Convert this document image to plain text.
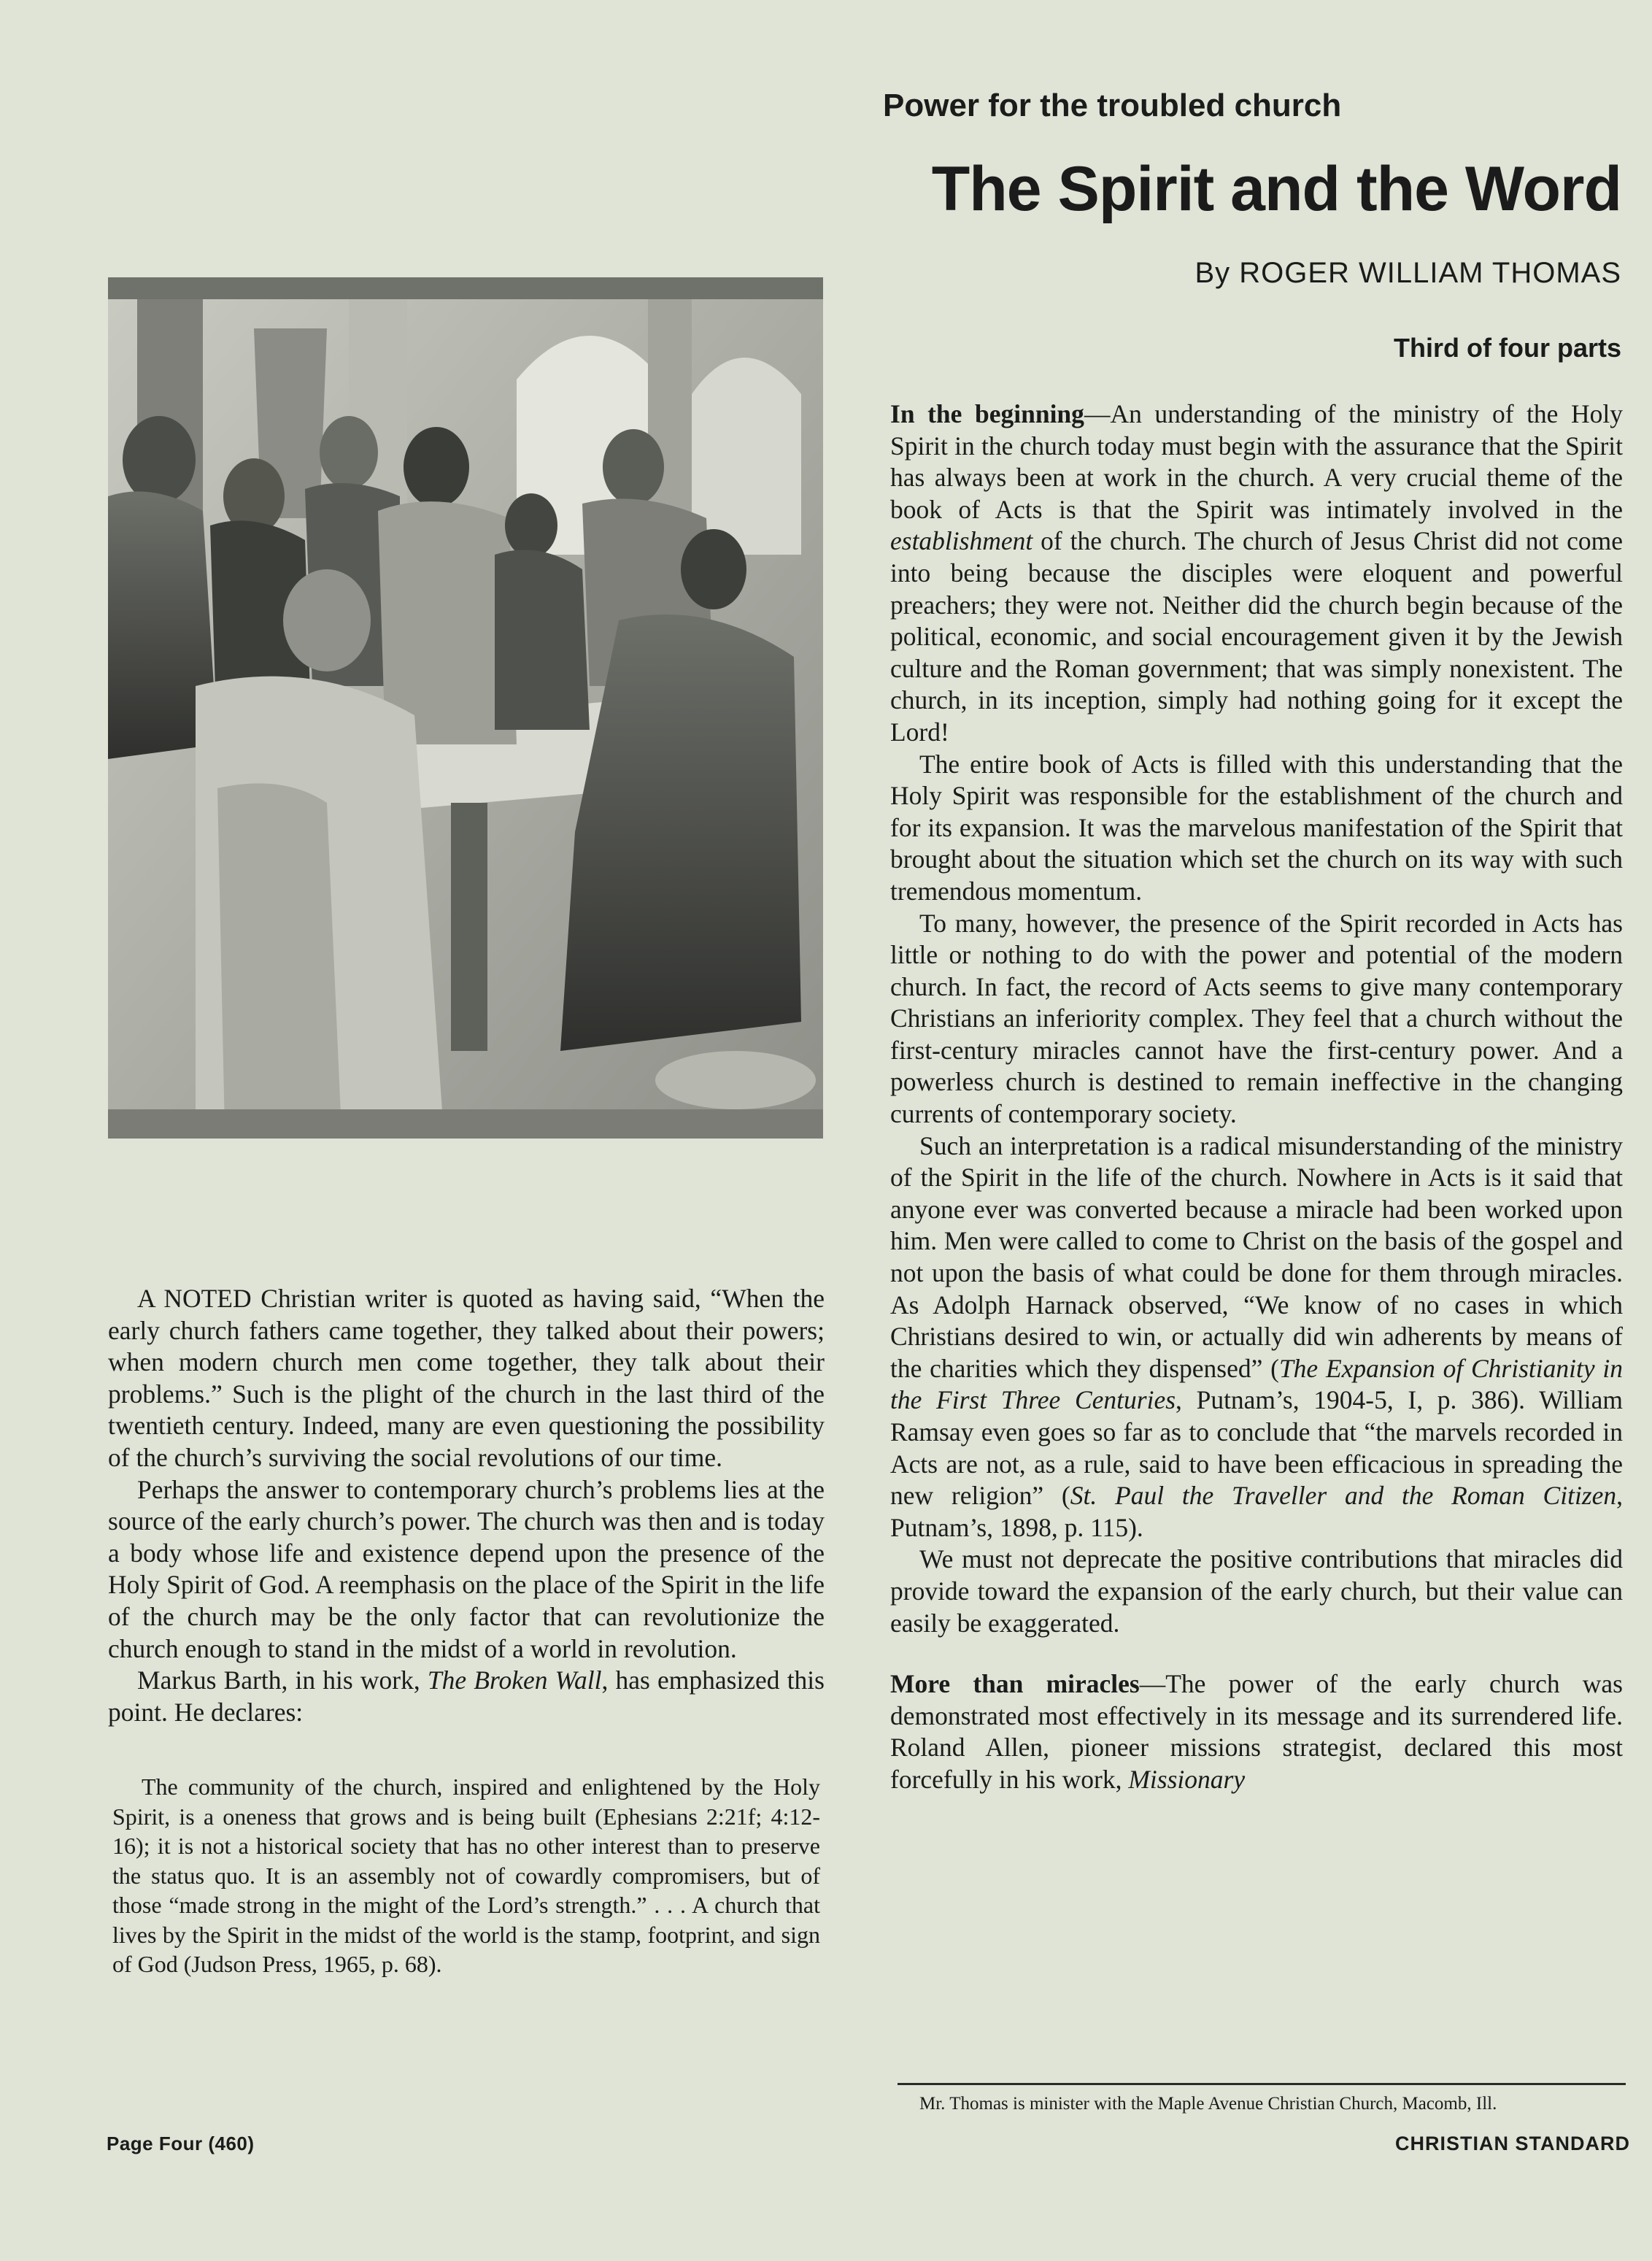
Power for the troubled church
The Spirit and the Word
By ROGER WILLIAM THOMAS
Third of four parts

A NOTED Christian writer is quoted as having said, “When the early church fathers came together, they talked about their powers; when modern church men come together, they talk about their problems.” Such is the plight of the church in the last third of the twentieth century. Indeed, many are even questioning the possibility of the church’s surviving the social revolutions of our time.

Perhaps the answer to contemporary church’s problems lies at the source of the early church’s power. The church was then and is today a body whose life and existence depend upon the presence of the Holy Spirit of God. A reemphasis on the place of the Spirit in the life of the church may be the only factor that can revolutionize the church enough to stand in the midst of a world in revolution.

Markus Barth, in his work, The Broken Wall, has emphasized this point. He declares:

The community of the church, inspired and enlightened by the Holy Spirit, is a oneness that grows and is being built (Ephesians 2:21f; 4:12-16); it is not a historical society that has no other interest than to preserve the status quo. It is an assembly not of cowardly compromisers, but of those “made strong in the might of the Lord’s strength.” . . . A church that lives by the Spirit in the midst of the world is the stamp, footprint, and sign of God (Judson Press, 1965, p. 68).

In the beginning—An understanding of the ministry of the Holy Spirit in the church today must begin with the assurance that the Spirit has always been at work in the church. A very crucial theme of the book of Acts is that the Spirit was intimately involved in the establishment of the church. The church of Jesus Christ did not come into being because the disciples were eloquent and powerful preachers; they were not. Neither did the church begin because of the political, economic, and social encouragement given it by the Jewish culture and the Roman government; that was simply nonexistent. The church, in its inception, simply had nothing going for it except the Lord!

The entire book of Acts is filled with this understanding that the Holy Spirit was responsible for the establishment of the church and for its expansion. It was the marvelous manifestation of the Spirit that brought about the situation which set the church on its way with such tremendous momentum.

To many, however, the presence of the Spirit recorded in Acts has little or nothing to do with the power and potential of the modern church. In fact, the record of Acts seems to give many contemporary Christians an inferiority complex. They feel that a church without the first-century miracles cannot have the first-century power. And a powerless church is destined to remain ineffective in the changing currents of contemporary society.

Such an interpretation is a radical misunderstanding of the ministry of the Spirit in the life of the church. Nowhere in Acts is it said that anyone ever was converted because a miracle had been worked upon him. Men were called to come to Christ on the basis of the gospel and not upon the basis of what could be done for them through miracles. As Adolph Harnack observed, “We know of no cases in which Christians desired to win, or actually did win adherents by means of the charities which they dispensed” (The Expansion of Christianity in the First Three Centuries, Putnam’s, 1904-5, I, p. 386). William Ramsay even goes so far as to conclude that “the marvels recorded in Acts are not, as a rule, said to have been efficacious in spreading the new religion” (St. Paul the Traveller and the Roman Citizen, Putnam’s, 1898, p. 115).

We must not deprecate the positive contributions that miracles did provide toward the expansion of the early church, but their value can easily be exaggerated.

More than miracles—The power of the early church was demonstrated most effectively in its message and its surrendered life. Roland Allen, pioneer missions strategist, declared this most forcefully in his work, Missionary

Mr. Thomas is minister with the Maple Avenue Christian Church, Macomb, Ill.
Page Four (460)	CHRISTIAN STANDARD
